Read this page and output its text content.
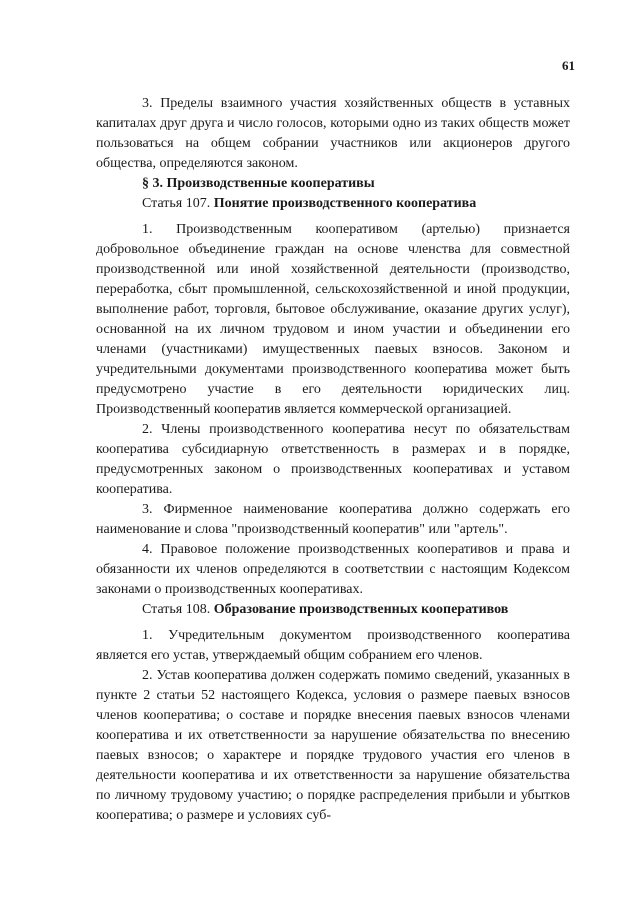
61

3. Пределы взаимного участия хозяйственных обществ в уставных капиталах друг друга и число голосов, которыми одно из таких обществ может пользоваться на общем собрании участников или акционеров другого общества, определяются законом.

§ 3. Производственные кооперативы

Статья 107. Понятие производственного кооператива

1. Производственным кооперативом (артелью) признается добровольное объединение граждан на основе членства для совместной производственной или иной хозяйственной деятельности (производство, переработка, сбыт промышленной, сельскохозяйственной и иной продукции, выполнение работ, торговля, бытовое обслуживание, оказание других услуг), основанной на их личном трудовом и ином участии и объединении его членами (участниками) имущественных паевых взносов. Законом и учредительными документами производственного кооператива может быть предусмотрено участие в его деятельности юридических лиц. Производственный кооператив является коммерческой организацией.

2. Члены производственного кооператива несут по обязательствам кооператива субсидиарную ответственность в размерах и в порядке, предусмотренных законом о производственных кооперативах и уставом кооператива.

3. Фирменное наименование кооператива должно содержать его наименование и слова "производственный кооператив" или "артель".

4. Правовое положение производственных кооперативов и права и обязанности их членов определяются в соответствии с настоящим Кодексом законами о производственных кооперативах.

Статья 108. Образование производственных кооперативов

1. Учредительным документом производственного кооператива является его устав, утверждаемый общим собранием его членов.

2. Устав кооператива должен содержать помимо сведений, указанных в пункте 2 статьи 52 настоящего Кодекса, условия о размере паевых взносов членов кооператива; о составе и порядке внесения паевых взносов членами кооператива и их ответственности за нарушение обязательства по внесению паевых взносов; о характере и порядке трудового участия его членов в деятельности кооператива и их ответственности за нарушение обязательства по личному трудовому участию; о порядке распределения прибыли и убытков кооператива; о размере и условиях суб-
